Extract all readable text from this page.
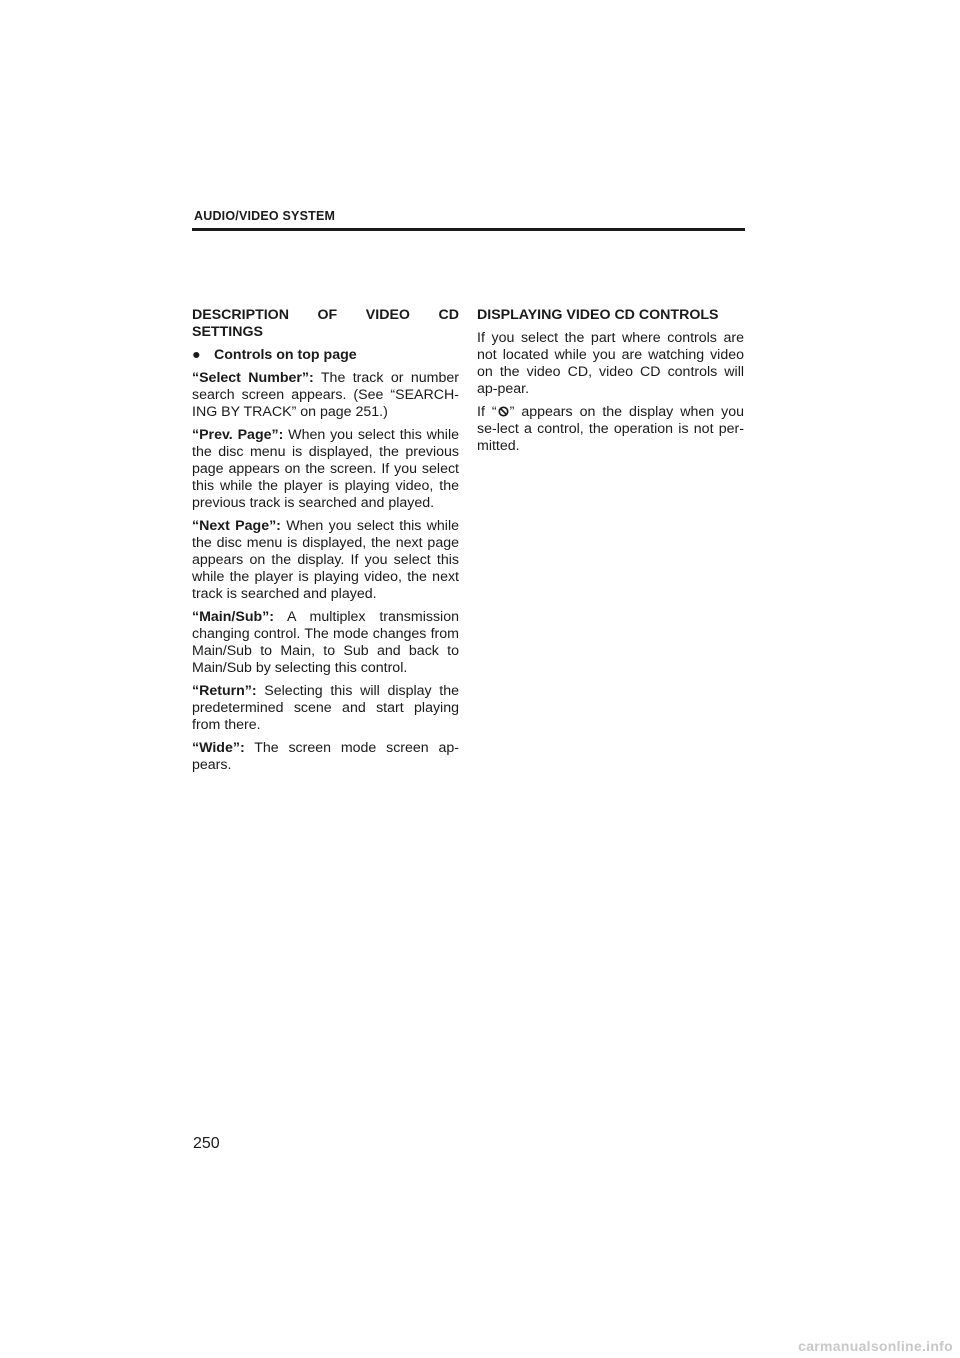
AUDIO/VIDEO SYSTEM
DESCRIPTION OF VIDEO CD SETTINGS
● Controls on top page

“Select Number”: The track or number search screen appears. (See “SEARCH-ING BY TRACK” on page 251.)

“Prev. Page”: When you select this while the disc menu is displayed, the previous page appears on the screen. If you select this while the player is playing video, the previous track is searched and played.

“Next Page”: When you select this while the disc menu is displayed, the next page appears on the display. If you select this while the player is playing video, the next track is searched and played.

“Main/Sub”: A multiplex transmission changing control. The mode changes from Main/Sub to Main, to Sub and back to Main/Sub by selecting this control.

“Return”: Selecting this will display the predetermined scene and start playing from there.

“Wide”: The screen mode screen ap-pears.

DISPLAYING VIDEO CD CONTROLS

If you select the part where controls are not located while you are watching video on the video CD, video CD controls will ap-pear.

If “ ” appears on the display when you se-lect a control, the operation is not per-mitted.

250
carmanualsonline.info
